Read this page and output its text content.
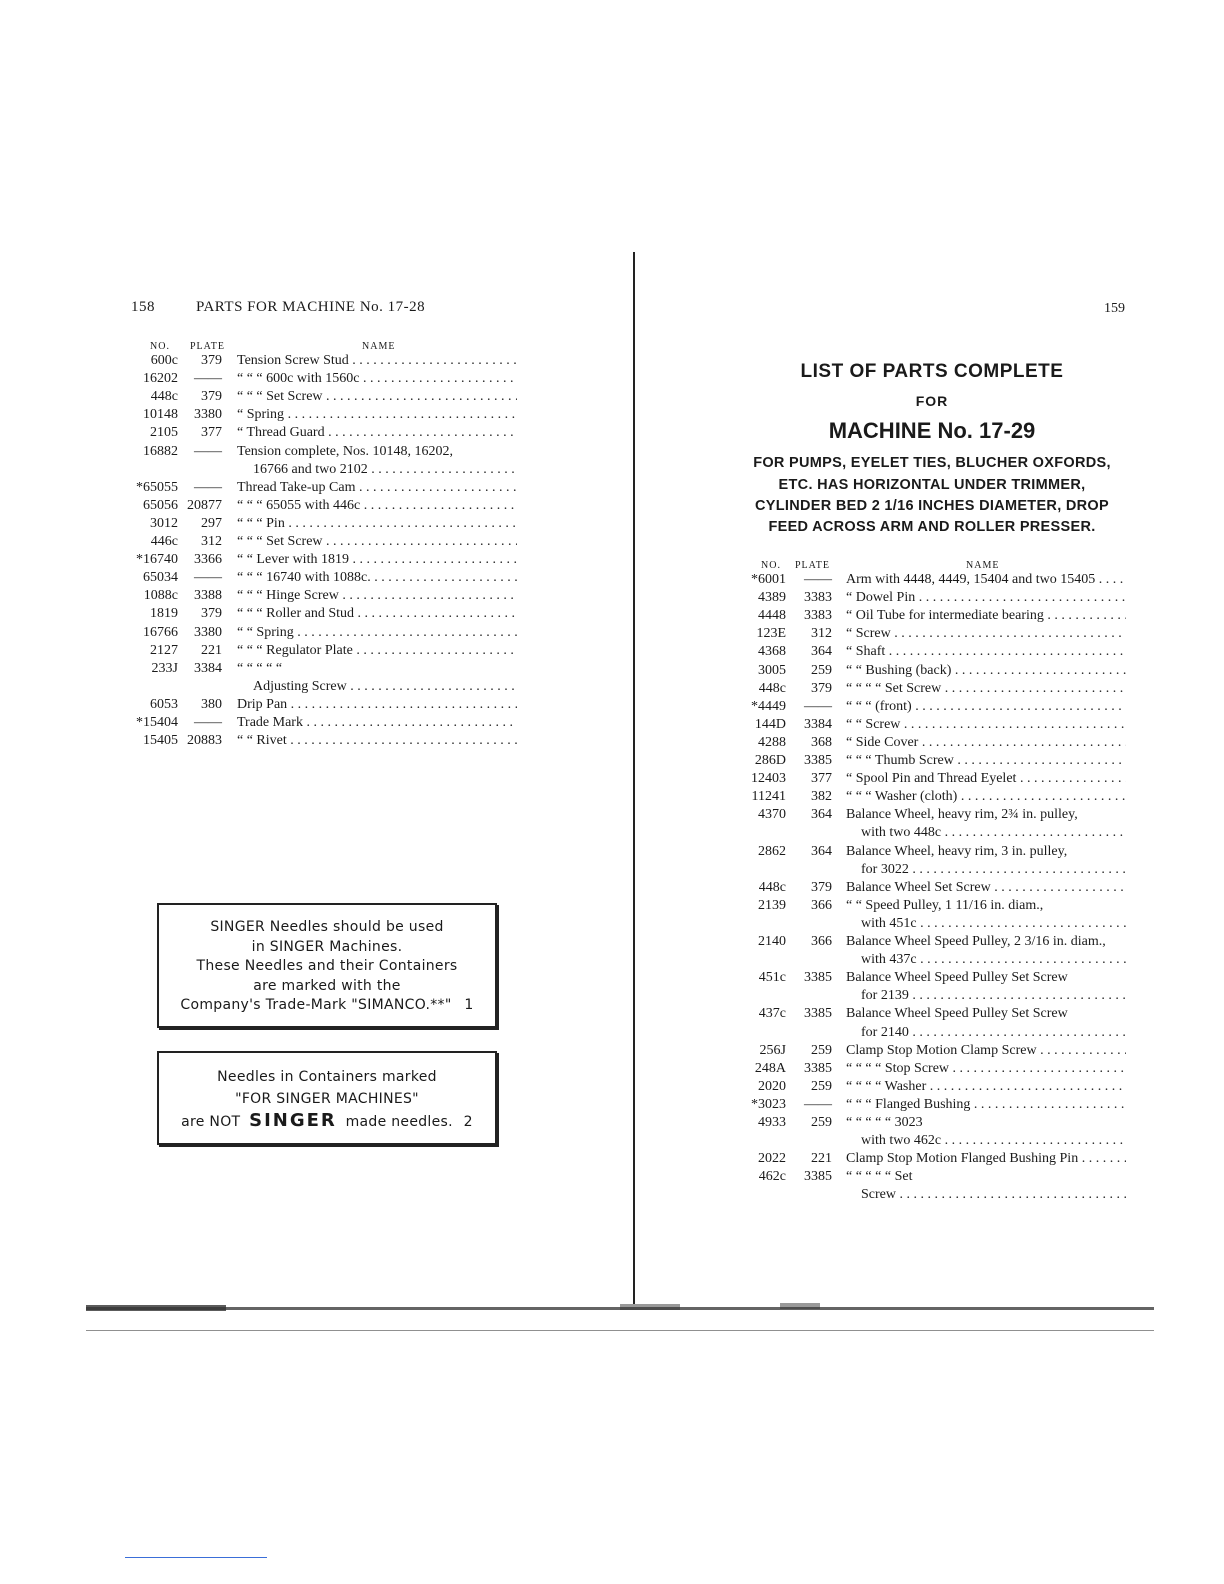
158	PARTS FOR MACHINE No. 17-28
NO. PLATE	NAME
600c	379 Tension Screw Stud . . .
16202	—— “ “ “ 600c with 1560c . . .
448c	379 “ “ “ Set Screw . . .
10148	3380 “ Spring . . .
2105	377 “ Thread Guard . . .
16882	—— Tension complete, Nos. 10148, 16202,
16766 and two 2102 . . .
*65055	—— Thread Take-up Cam . . .
65056 20877 “ “ “ 65055 with 446c . . .
3012	297 “ “ “ Pin . . .
446c	312 “ “ “ Set Screw . . .
*16740	3366 “ “ Lever with 1819 . . .
65034	—— “ “ “ 16740 with 1088c. . . .
1088c	3388 “ “ “ Hinge Screw . . .
1819	379 “ “ “ Roller and Stud . . .
16766	3380 “ “ Spring . . .
2127	221 “ “ “ Regulator Plate . . .
233J	3384 “ “ “ “ “
Adjusting Screw . . .
6053	380 Drip Pan . . .
*15404	—— Trade Mark . . .
15405 20883 “ “ Rivet . . .
SINGER Needles should be used
in SINGER Machines.
These Needles and their Containers
are marked with the
Company's Trade-Mark "SIMANCO.**" 1
Needles in Containers marked
"FOR SINGER MACHINES"
are NOT SINGER made needles. 2
159
LIST OF PARTS COMPLETE
FOR
MACHINE No. 17-29
FOR PUMPS, EYELET TIES, BLUCHER OXFORDS,
ETC. HAS HORIZONTAL UNDER TRIMMER,
CYLINDER BED 2 1/16 INCHES DIAMETER, DROP
FEED ACROSS ARM AND ROLLER PRESSER.
NO. PLATE	NAME
*6001	—— Arm with 4448, 4449, 15404 and two 15405 . . .
4389	3383 “ Dowel Pin . . .
4448	3383 “ Oil Tube for intermediate bearing . . .
123E	312 “ Screw . . .
4368	364 “ Shaft . . .
3005	259 “ “ Bushing (back) . . .
448c	379 “ “ “ “ Set Screw . . .
*4449	—— “ “ “ (front) . . .
144D	3384 “ “ Screw . . .
4288	368 “ Side Cover . . .
286D	3385 “ “ “ Thumb Screw . . .
12403	377 “ Spool Pin and Thread Eyelet . . .
11241	382 “ “ “ Washer (cloth) . . .
4370	364 Balance Wheel, heavy rim, 2¾ in. pulley,
with two 448c . . .
2862	364 Balance Wheel, heavy rim, 3 in. pulley,
for 3022 . . .
448c	379 Balance Wheel Set Screw . . .
2139	366 “ “ Speed Pulley, 1 11/16 in. diam.,
with 451c . . .
2140	366 Balance Wheel Speed Pulley, 2 3/16 in. diam.,
with 437c . . .
451c	3385 Balance Wheel Speed Pulley Set Screw
for 2139 . . .
437c	3385 Balance Wheel Speed Pulley Set Screw
for 2140 . . .
256J	259 Clamp Stop Motion Clamp Screw . . .
248A	3385 “ “ “ “ Stop Screw . . .
2020	259 “ “ “ “ Washer . . .
*3023	—— “ “ “ Flanged Bushing . . .
4933	259 “ “ “ “ “ 3023
with two 462c . . .
2022	221 Clamp Stop Motion Flanged Bushing Pin . . .
462c	3385 “ “ “ “ “ Set
Screw . . .
